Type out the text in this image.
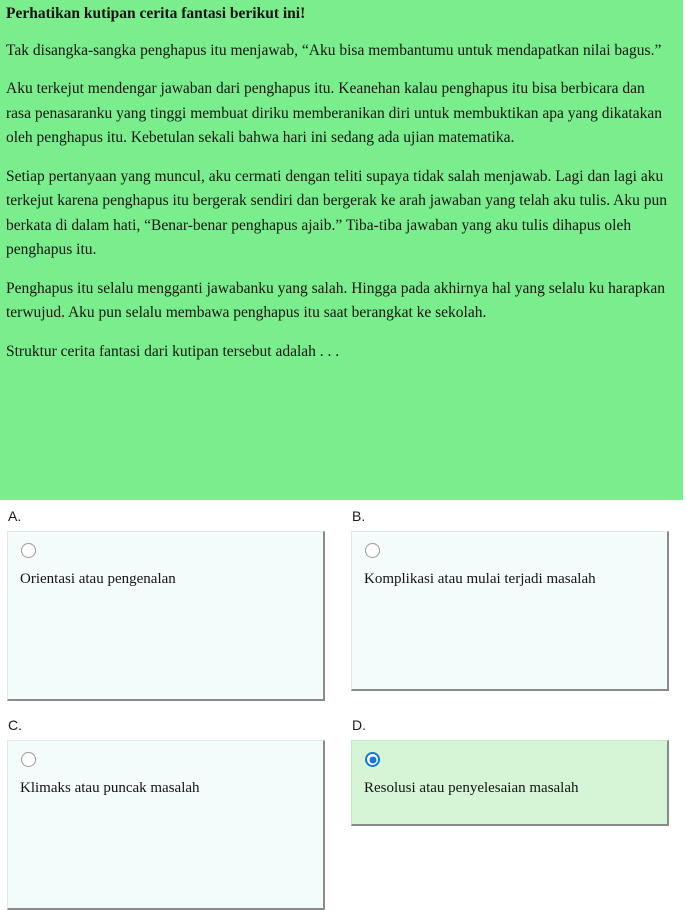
Perhatikan kutipan cerita fantasi berikut ini!

Tak disangka-sangka penghapus itu menjawab, “Aku bisa membantumu untuk mendapatkan nilai bagus.”

Aku terkejut mendengar jawaban dari penghapus itu. Keanehan kalau penghapus itu bisa berbicara dan rasa penasaranku yang tinggi membuat diriku memberanikan diri untuk membuktikan apa yang dikatakan oleh penghapus itu. Kebetulan sekali bahwa hari ini sedang ada ujian matematika.

Setiap pertanyaan yang muncul, aku cermati dengan teliti supaya tidak salah menjawab. Lagi dan lagi aku terkejut karena penghapus itu bergerak sendiri dan bergerak ke arah jawaban yang telah aku tulis. Aku pun berkata di dalam hati, “Benar-benar penghapus ajaib.” Tiba-tiba jawaban yang aku tulis dihapus oleh penghapus itu.

Penghapus itu selalu mengganti jawabanku yang salah. Hingga pada akhirnya hal yang selalu ku harapkan terwujud. Aku pun selalu membawa penghapus itu saat berangkat ke sekolah.

Struktur cerita fantasi dari kutipan tersebut adalah . . .

A.

Orientasi atau pengenalan

B.

Komplikasi atau mulai terjadi masalah

C.

Klimaks atau puncak masalah

D.

Resolusi atau penyelesaian masalah
